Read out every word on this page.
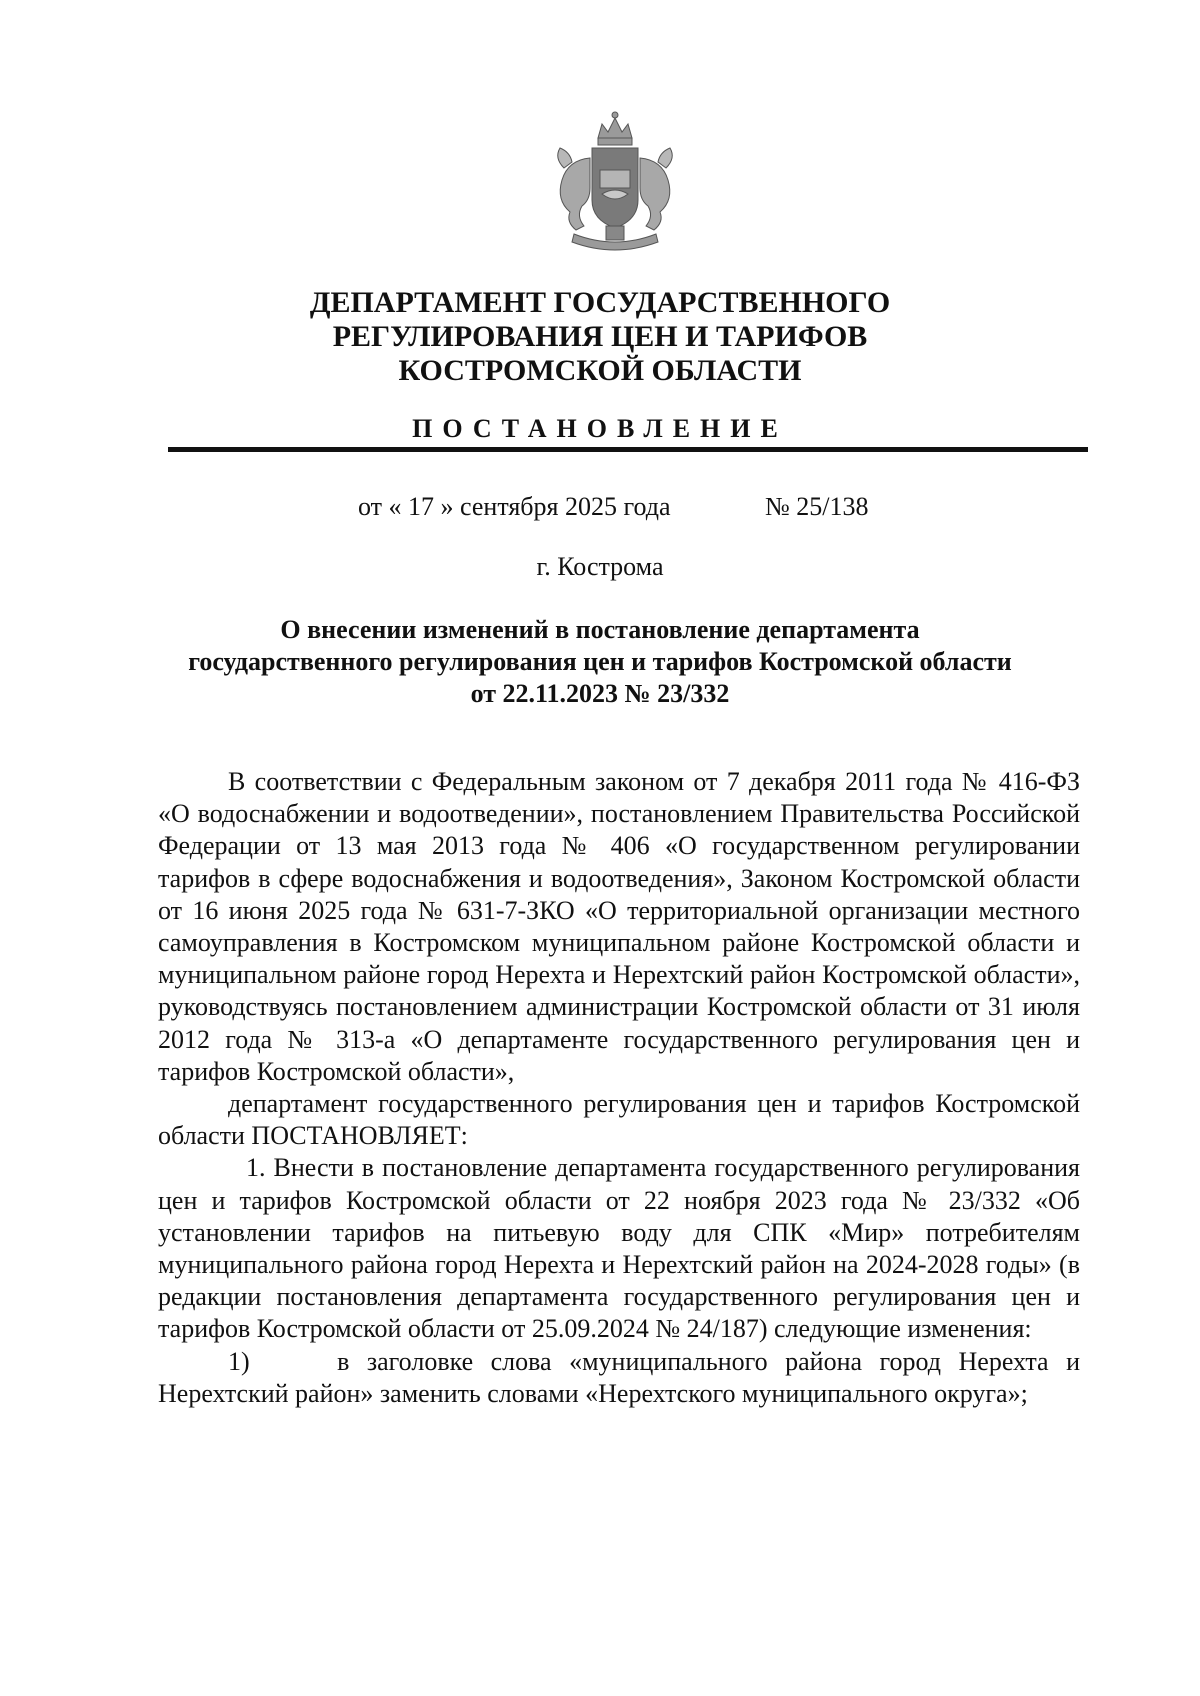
ДЕПАРТАМЕНТ ГОСУДАРСТВЕННОГО
РЕГУЛИРОВАНИЯ ЦЕН И ТАРИФОВ
КОСТРОМСКОЙ ОБЛАСТИ
ПОСТАНОВЛЕНИЕ
от « 17 » сентября 2025 года	№ 25/138
г. Кострома
О внесении изменений в постановление департамента
государственного регулирования цен и тарифов Костромской области
от 22.11.2023 № 23/332

В соответствии с Федеральным законом от 7 декабря 2011 года № 416-ФЗ «О водоснабжении и водоотведении», постановлением Правительства Российской Федерации от 13 мая 2013 года № 406 «О государственном регулировании тарифов в сфере водоснабжения и водоотведения», Законом Костромской области от 16 июня 2025 года № 631-7-ЗКО «О территориальной организации местного самоуправления в Костромском муниципальном районе Костромской области и муниципальном районе город Нерехта и Нерехтский район Костромской области», руководствуясь постановлением администрации Костромской области от 31 июля 2012 года № 313-а «О департаменте государственного регулирования цен и тарифов Костромской области»,

департамент государственного регулирования цен и тарифов Костромской области ПОСТАНОВЛЯЕТ:

1. Внести в постановление департамента государственного регулирования цен и тарифов Костромской области от 22 ноября 2023 года № 23/332 «Об установлении тарифов на питьевую воду для СПК «Мир» потребителям муниципального района город Нерехта и Нерехтский район на 2024-2028 годы» (в редакции постановления департамента государственного регулирования цен и тарифов Костромской области от 25.09.2024 № 24/187) следующие изменения:

1)     в заголовке слова «муниципального района город Нерехта и Нерехтский район» заменить словами «Нерехтского муниципального округа»;
